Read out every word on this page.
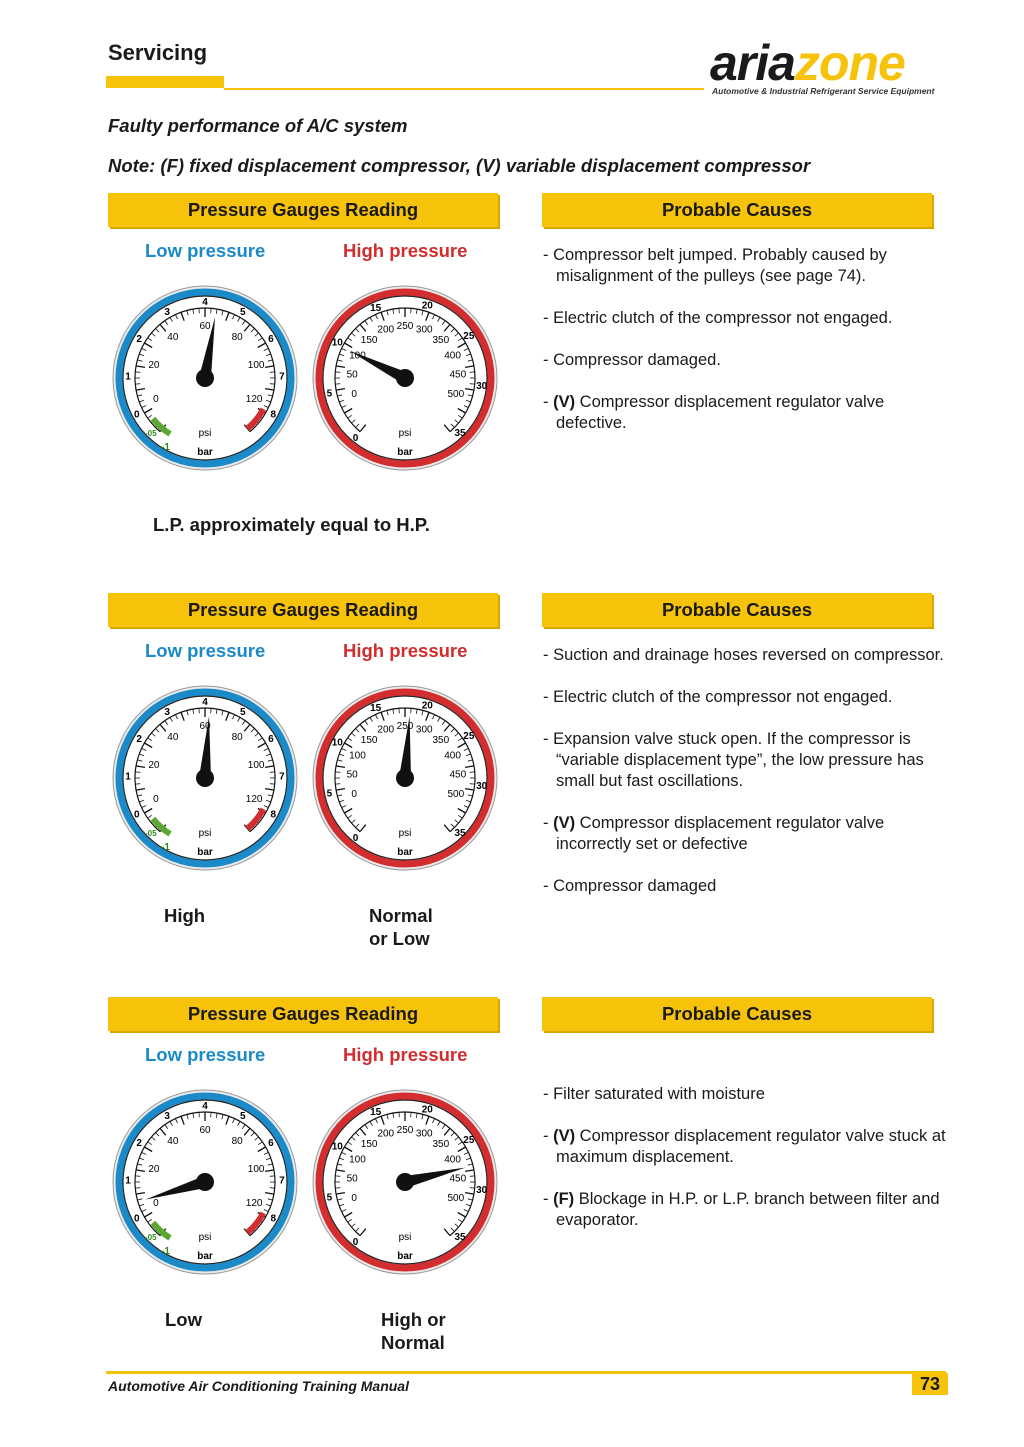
Servicing	ariazone
Automotive & Industrial Refrigerant Service Equipment
Faulty performance of A/C system
Note: (F) fixed displacement compressor, (V) variable displacement compressor
Pressure Gauges Reading	Probable Causes
Low pressure	High pressure
0
1
2
3
4
5
6
7
8
0
20
40
60
80
100
120
-05
-1
psi
bar
0
5
10
15	20
25
30
35
0
50
100
150
200 250 300
350
400
450
500
psi
bar
L.P. approximately equal to H.P.
- Compressor belt jumped. Probably caused by misalignment of the pulleys (see page 74).
- Electric clutch of the compressor not engaged.
- Compressor damaged.
- (V) Compressor displacement regulator valve defective.
Pressure Gauges Reading	Probable Causes
Low pressure	High pressure
0
1
2
3
4
5
6
7
8
0
20
40
60
80
100
120
-05
-1
psi
bar
0
5
10
15	20
25
30
35
0
50
100
150
200 250 300
350
400
450
500
psi
bar
High	Normal
or Low
- Suction and drainage hoses reversed on compressor.
- Electric clutch of the compressor not engaged.
- Expansion valve stuck open. If the compressor is “variable displacement type”, the low pressure has small but fast oscillations.
- (V) Compressor displacement regulator valve incorrectly set or defective
- Compressor damaged
Pressure Gauges Reading	Probable Causes
Low pressure	High pressure
0
1
2
3
4
5
6
7
8
0
20
40
60
80
100
120
-05
-1
psi
bar
0
5
10
15	20
25
30
35
0
50
100
150
200 250 300
350
400
450
500
psi
bar
Low	High or
Normal
- Filter saturated with moisture
- (V) Compressor displacement regulator valve stuck at maximum displacement.
- (F) Blockage in H.P. or L.P. branch between filter and evaporator.
Automotive Air Conditioning Training Manual	73
